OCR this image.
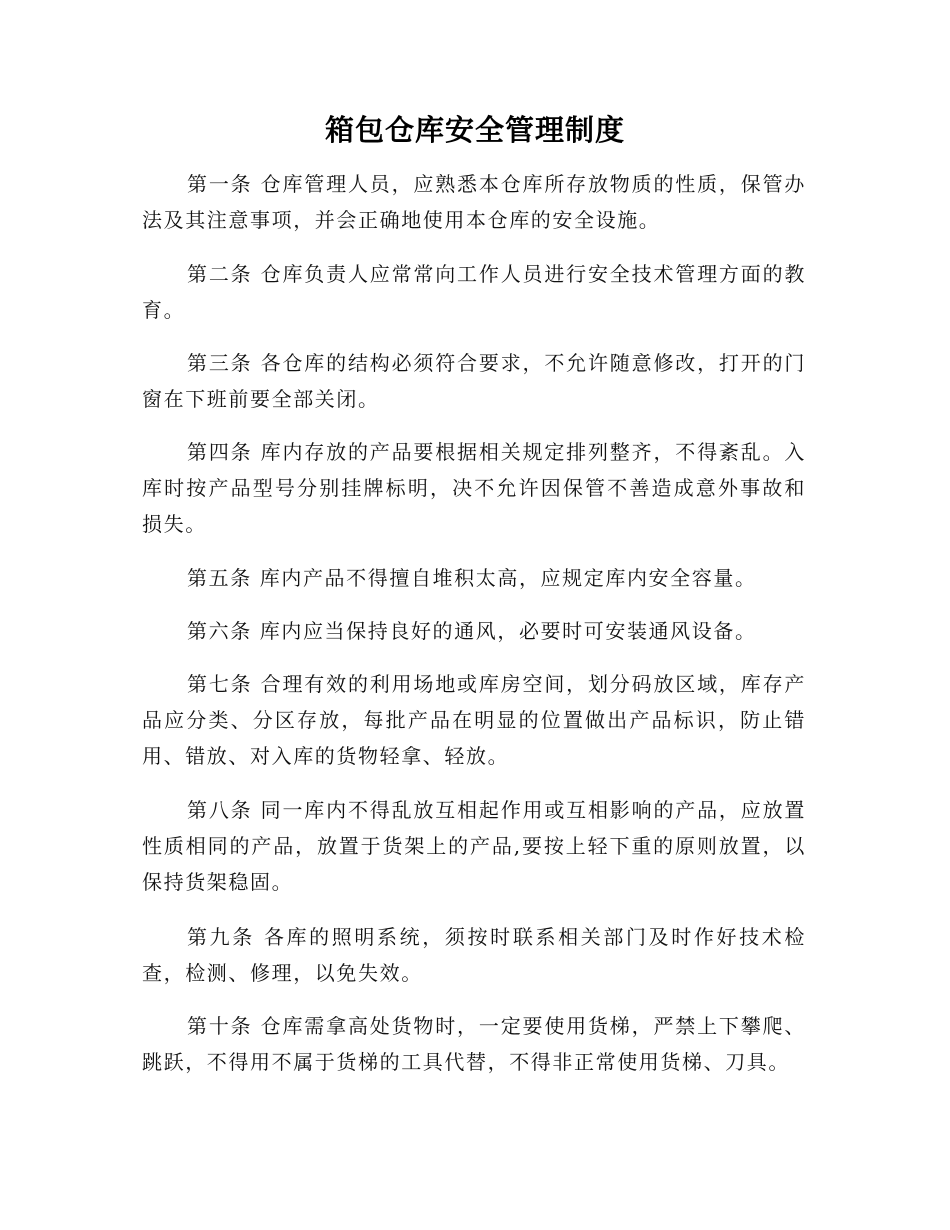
箱包仓库安全管理制度

第一条 仓库管理人员，应熟悉本仓库所存放物质的性质，保管办法及其注意事项，并会正确地使用本仓库的安全设施。

第二条 仓库负责人应常常向工作人员进行安全技术管理方面的教育。

第三条 各仓库的结构必须符合要求，不允许随意修改，打开的门窗在下班前要全部关闭。

第四条 库内存放的产品要根据相关规定排列整齐，不得紊乱。入库时按产品型号分别挂牌标明，决不允许因保管不善造成意外事故和损失。

第五条 库内产品不得擅自堆积太高，应规定库内安全容量。

第六条 库内应当保持良好的通风，必要时可安装通风设备。

第七条 合理有效的利用场地或库房空间，划分码放区域，库存产品应分类、分区存放，每批产品在明显的位置做出产品标识，防止错用、错放、对入库的货物轻拿、轻放。

第八条 同一库内不得乱放互相起作用或互相影响的产品，应放置性质相同的产品，放置于货架上的产品,要按上轻下重的原则放置，以保持货架稳固。

第九条 各库的照明系统，须按时联系相关部门及时作好技术检查，检测、修理，以免失效。

第十条 仓库需拿高处货物时，一定要使用货梯，严禁上下攀爬、跳跃，不得用不属于货梯的工具代替，不得非正常使用货梯、刀具。
